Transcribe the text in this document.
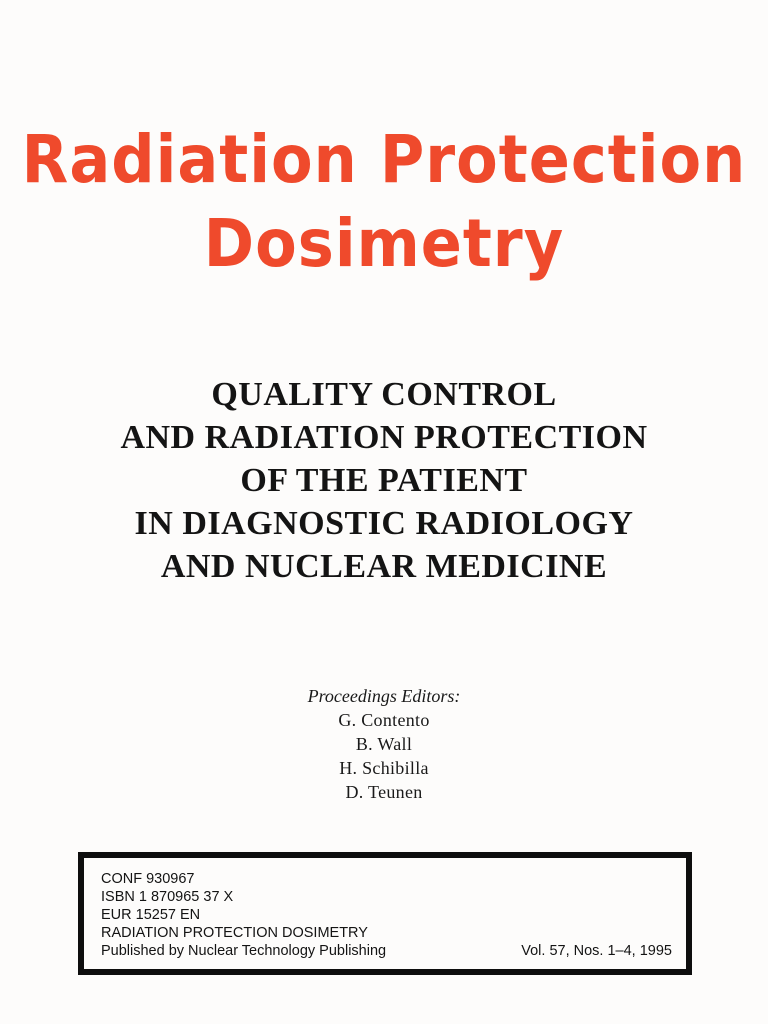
Radiation Protection
Dosimetry
QUALITY CONTROL
AND RADIATION PROTECTION
OF THE PATIENT
IN DIAGNOSTIC RADIOLOGY
AND NUCLEAR MEDICINE
Proceedings Editors:
G. Contento
B. Wall
H. Schibilla
D. Teunen
CONF 930967
ISBN 1 870965 37 X
EUR 15257 EN
RADIATION PROTECTION DOSIMETRY
Published by Nuclear Technology Publishing	Vol. 57, Nos. 1–4, 1995
